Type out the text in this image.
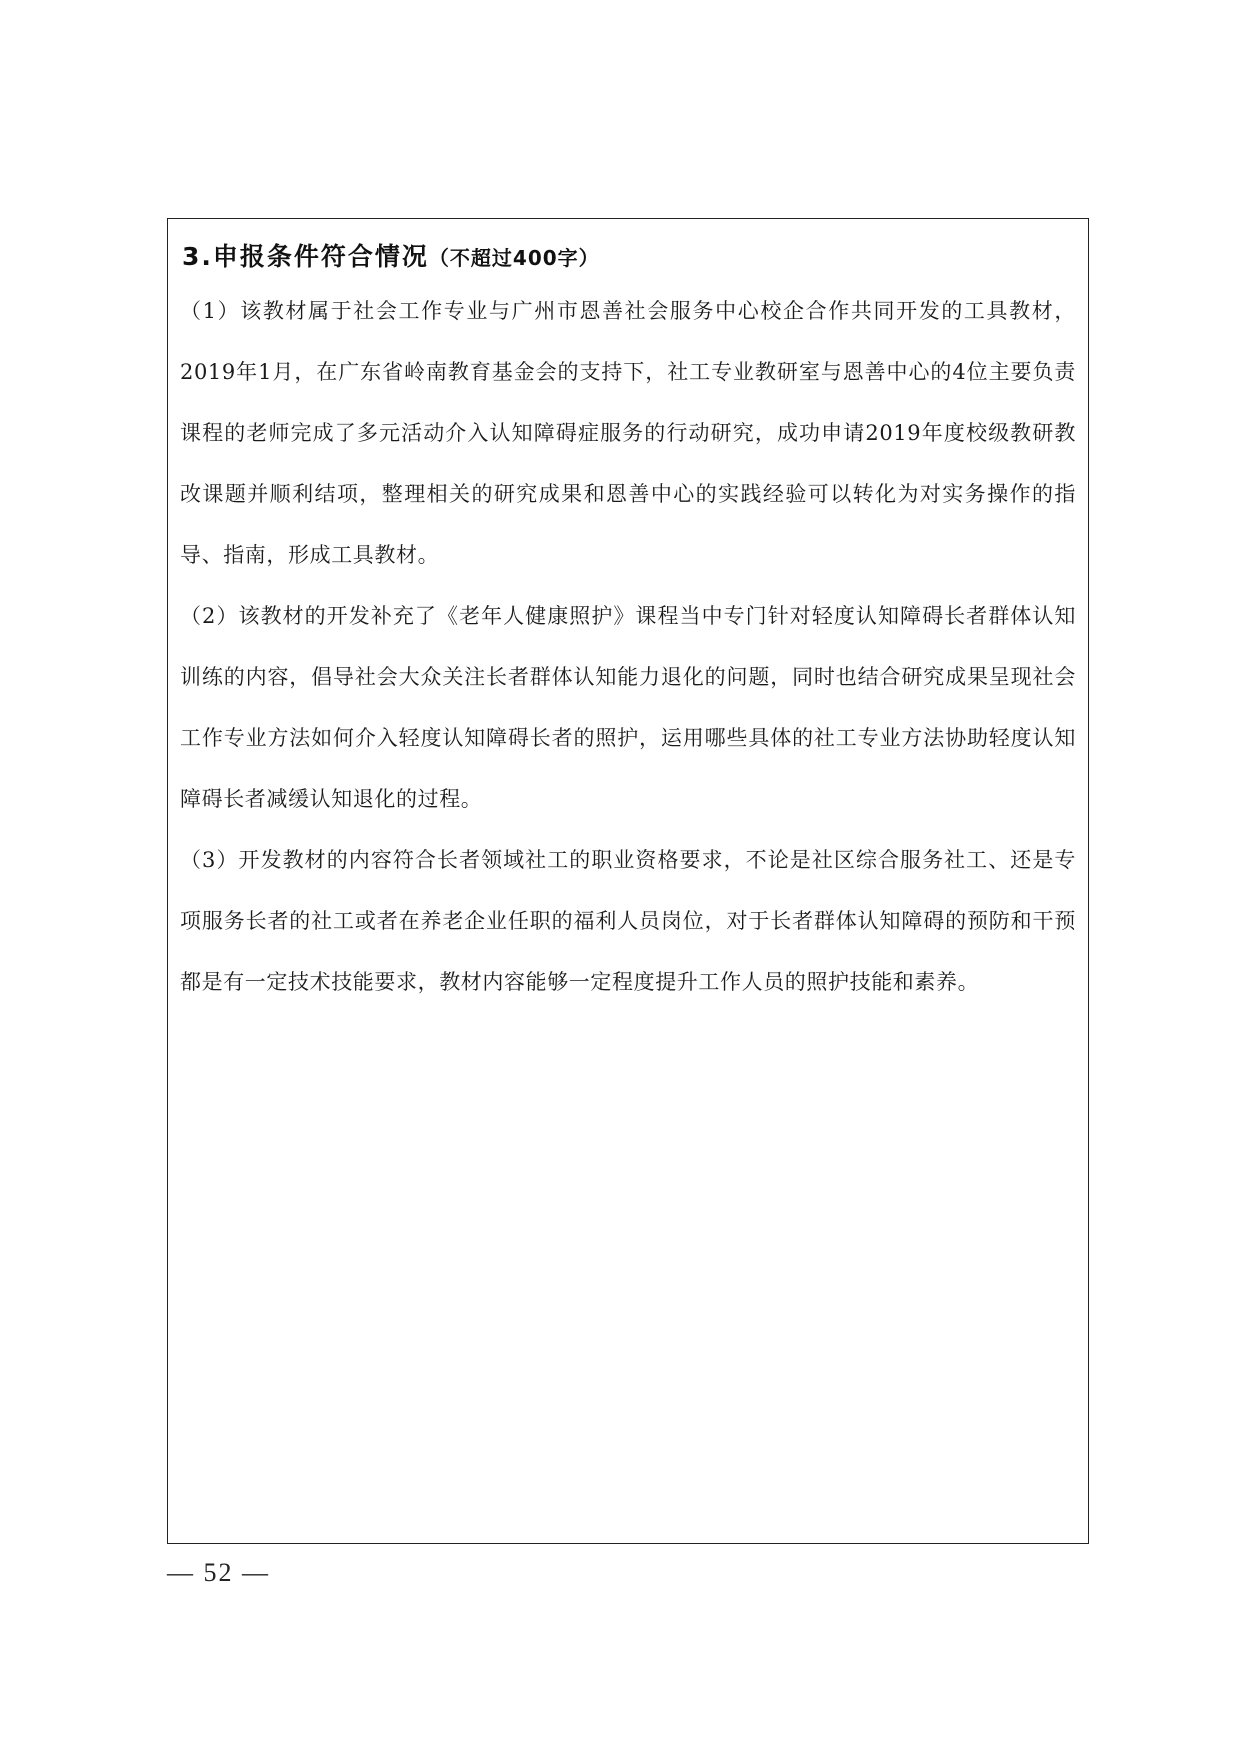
3.申报条件符合情况（不超过400字）

（1）该教材属于社会工作专业与广州市恩善社会服务中心校企合作共同开发的工具教材，2019年1月，在广东省岭南教育基金会的支持下，社工专业教研室与恩善中心的4位主要负责课程的老师完成了多元活动介入认知障碍症服务的行动研究，成功申请2019年度校级教研教改课题并顺利结项，整理相关的研究成果和恩善中心的实践经验可以转化为对实务操作的指导、指南，形成工具教材。

（2）该教材的开发补充了《老年人健康照护》课程当中专门针对轻度认知障碍长者群体认知训练的内容，倡导社会大众关注长者群体认知能力退化的问题，同时也结合研究成果呈现社会工作专业方法如何介入轻度认知障碍长者的照护，运用哪些具体的社工专业方法协助轻度认知障碍长者减缓认知退化的过程。

（3）开发教材的内容符合长者领域社工的职业资格要求，不论是社区综合服务社工、还是专项服务长者的社工或者在养老企业任职的福利人员岗位，对于长者群体认知障碍的预防和干预都是有一定技术技能要求，教材内容能够一定程度提升工作人员的照护技能和素养。

— 52 —
